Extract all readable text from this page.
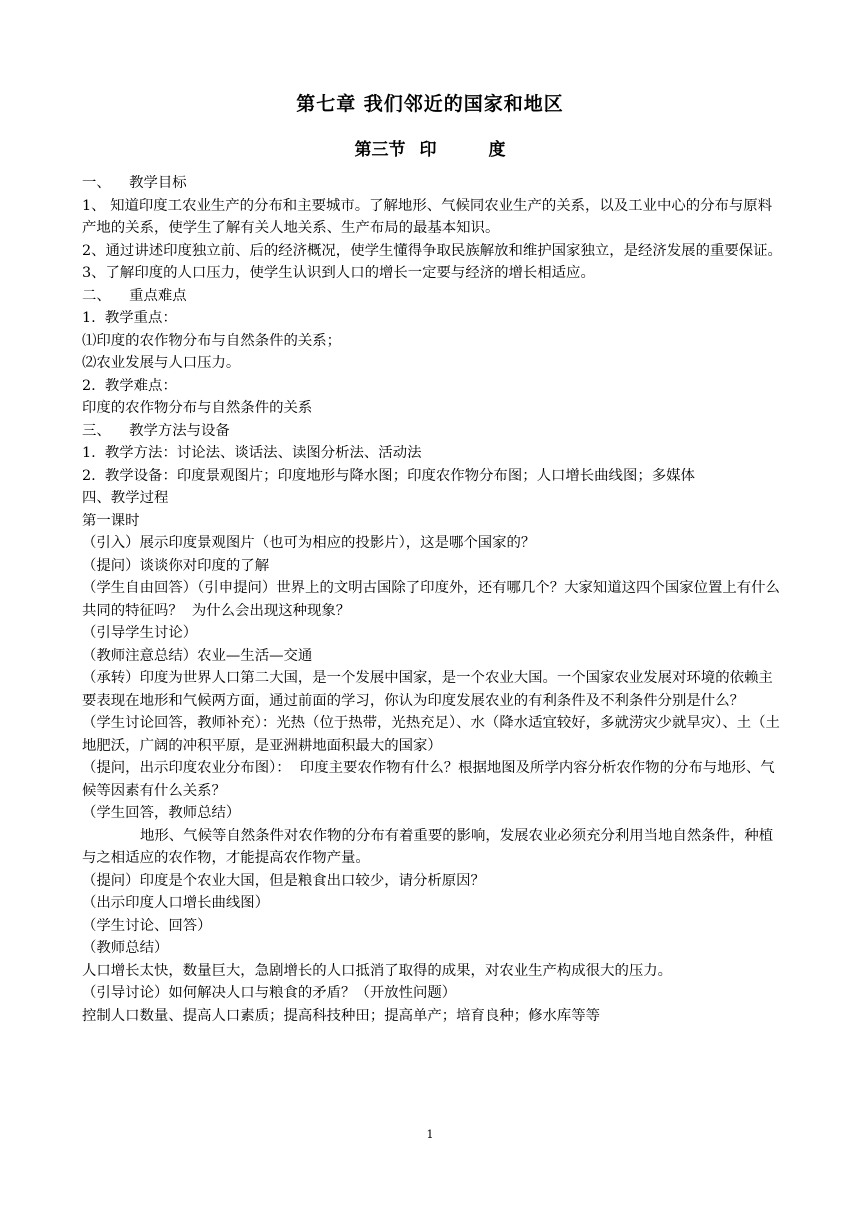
第七章 我们邻近的国家和地区
第三节 印	度

一、    教学目标

1、 知道印度工农业生产的分布和主要城市。了解地形、气候同农业生产的关系，以及工业中心的分布与原料产地的关系，使学生了解有关人地关系、生产布局的最基本知识。

2、通过讲述印度独立前、后的经济概况，使学生懂得争取民族解放和维护国家独立，是经济发展的重要保证。

3、了解印度的人口压力，使学生认识到人口的增长一定要与经济的增长相适应。

二、    重点难点

1.  教学重点：

⑴印度的农作物分布与自然条件的关系；

⑵农业发展与人口压力。

2.  教学难点：

印度的农作物分布与自然条件的关系

三、    教学方法与设备

1.  教学方法：讨论法、谈话法、读图分析法、活动法

2.  教学设备：印度景观图片；印度地形与降水图；印度农作物分布图；人口增长曲线图；多媒体

四、教学过程

第一课时

（引入）展示印度景观图片（也可为相应的投影片），这是哪个国家的？

（提问）谈谈你对印度的了解

（学生自由回答）（引申提问）世界上的文明古国除了印度外，还有哪几个？大家知道这四个国家位置上有什么共同的特征吗？  为什么会出现这种现象？

（引导学生讨论）

（教师注意总结）农业—生活—交通

（承转）印度为世界人口第二大国，是一个发展中国家，是一个农业大国。一个国家农业发展对环境的依赖主要表现在地形和气候两方面，通过前面的学习，你认为印度发展农业的有利条件及不利条件分别是什么？

（学生讨论回答，教师补充）：光热（位于热带，光热充足）、水（降水适宜较好，多就涝灾少就旱灾）、土（土地肥沃，广阔的冲积平原，是亚洲耕地面积最大的国家）

（提问，出示印度农业分布图）：  印度主要农作物有什么？根据地图及所学内容分析农作物的分布与地形、气候等因素有什么关系？

（学生回答，教师总结）

地形、气候等自然条件对农作物的分布有着重要的影响，发展农业必须充分利用当地自然条件，种植与之相适应的农作物，才能提高农作物产量。

（提问）印度是个农业大国，但是粮食出口较少，请分析原因？

（出示印度人口增长曲线图）

（学生讨论、回答）

（教师总结）

人口增长太快，数量巨大，急剧增长的人口抵消了取得的成果，对农业生产构成很大的压力。

（引导讨论）如何解决人口与粮食的矛盾？（开放性问题）

控制人口数量、提高人口素质；提高科技种田；提高单产；培育良种；修水库等等

1
